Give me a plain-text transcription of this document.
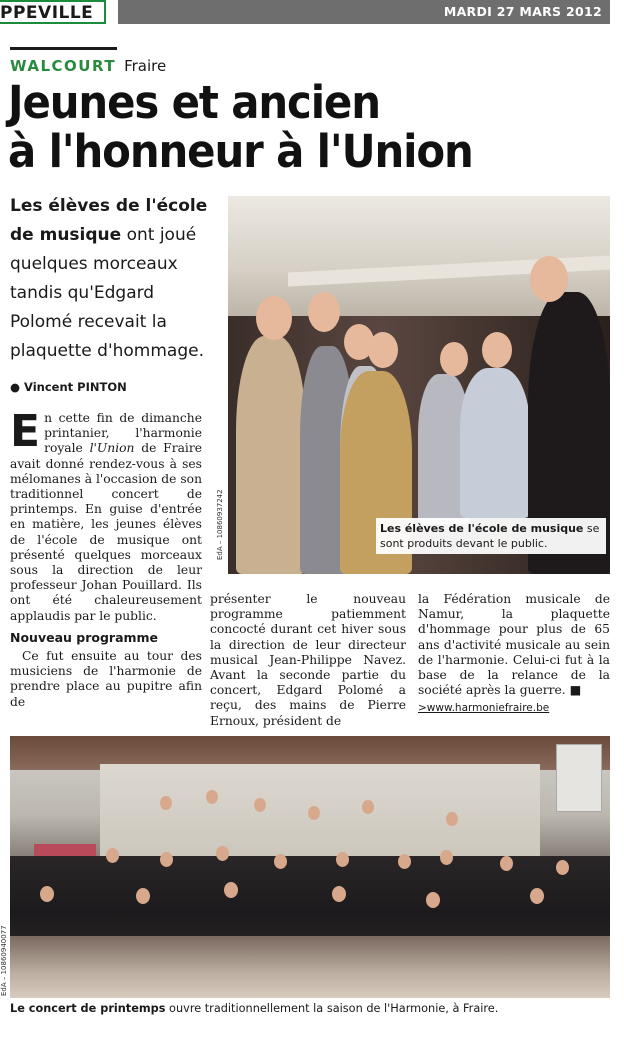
PPEVILLE	MARDI 27 MARS 2012
WALCOURT Fraire
Jeunes et ancien
à l'honneur à l'Union

Les élèves de l'école de musique ont joué quelques morceaux tandis qu'Edgard Polomé recevait la plaquette d'hommage.

● Vincent PINTON

En cette fin de dimanche printanier, l'harmonie royale l'Union de Fraire avait donné rendez-vous à ses mélomanes à l'occasion de son traditionnel concert de printemps. En guise d'entrée en matière, les jeunes élèves de l'école de musique ont présenté quelques morceaux sous la direction de leur professeur Johan Pouillard. Ils ont été chaleureusement applaudis par le public.

Nouveau programme

Ce fut ensuite au tour des musiciens de l'harmonie de prendre place au pupitre afin de

présenter le nouveau programme patiemment concocté durant cet hiver sous la direction de leur directeur musical Jean-Philippe Navez. Avant la seconde partie du concert, Edgard Polomé a reçu, des mains de Pierre Ernoux, président de

la Fédération musicale de Namur, la plaquette d'hommage pour plus de 65 ans d'activité musicale au sein de l'harmonie. Celui-ci fut à la base de la relance de la société après la guerre. ■

>www.harmoniefraire.be
Les élèves de l'école de musique se sont produits devant le public.
EdA – 10860937242
EdA – 10860940077
Le concert de printemps ouvre traditionnellement la saison de l'Harmonie, à Fraire.
